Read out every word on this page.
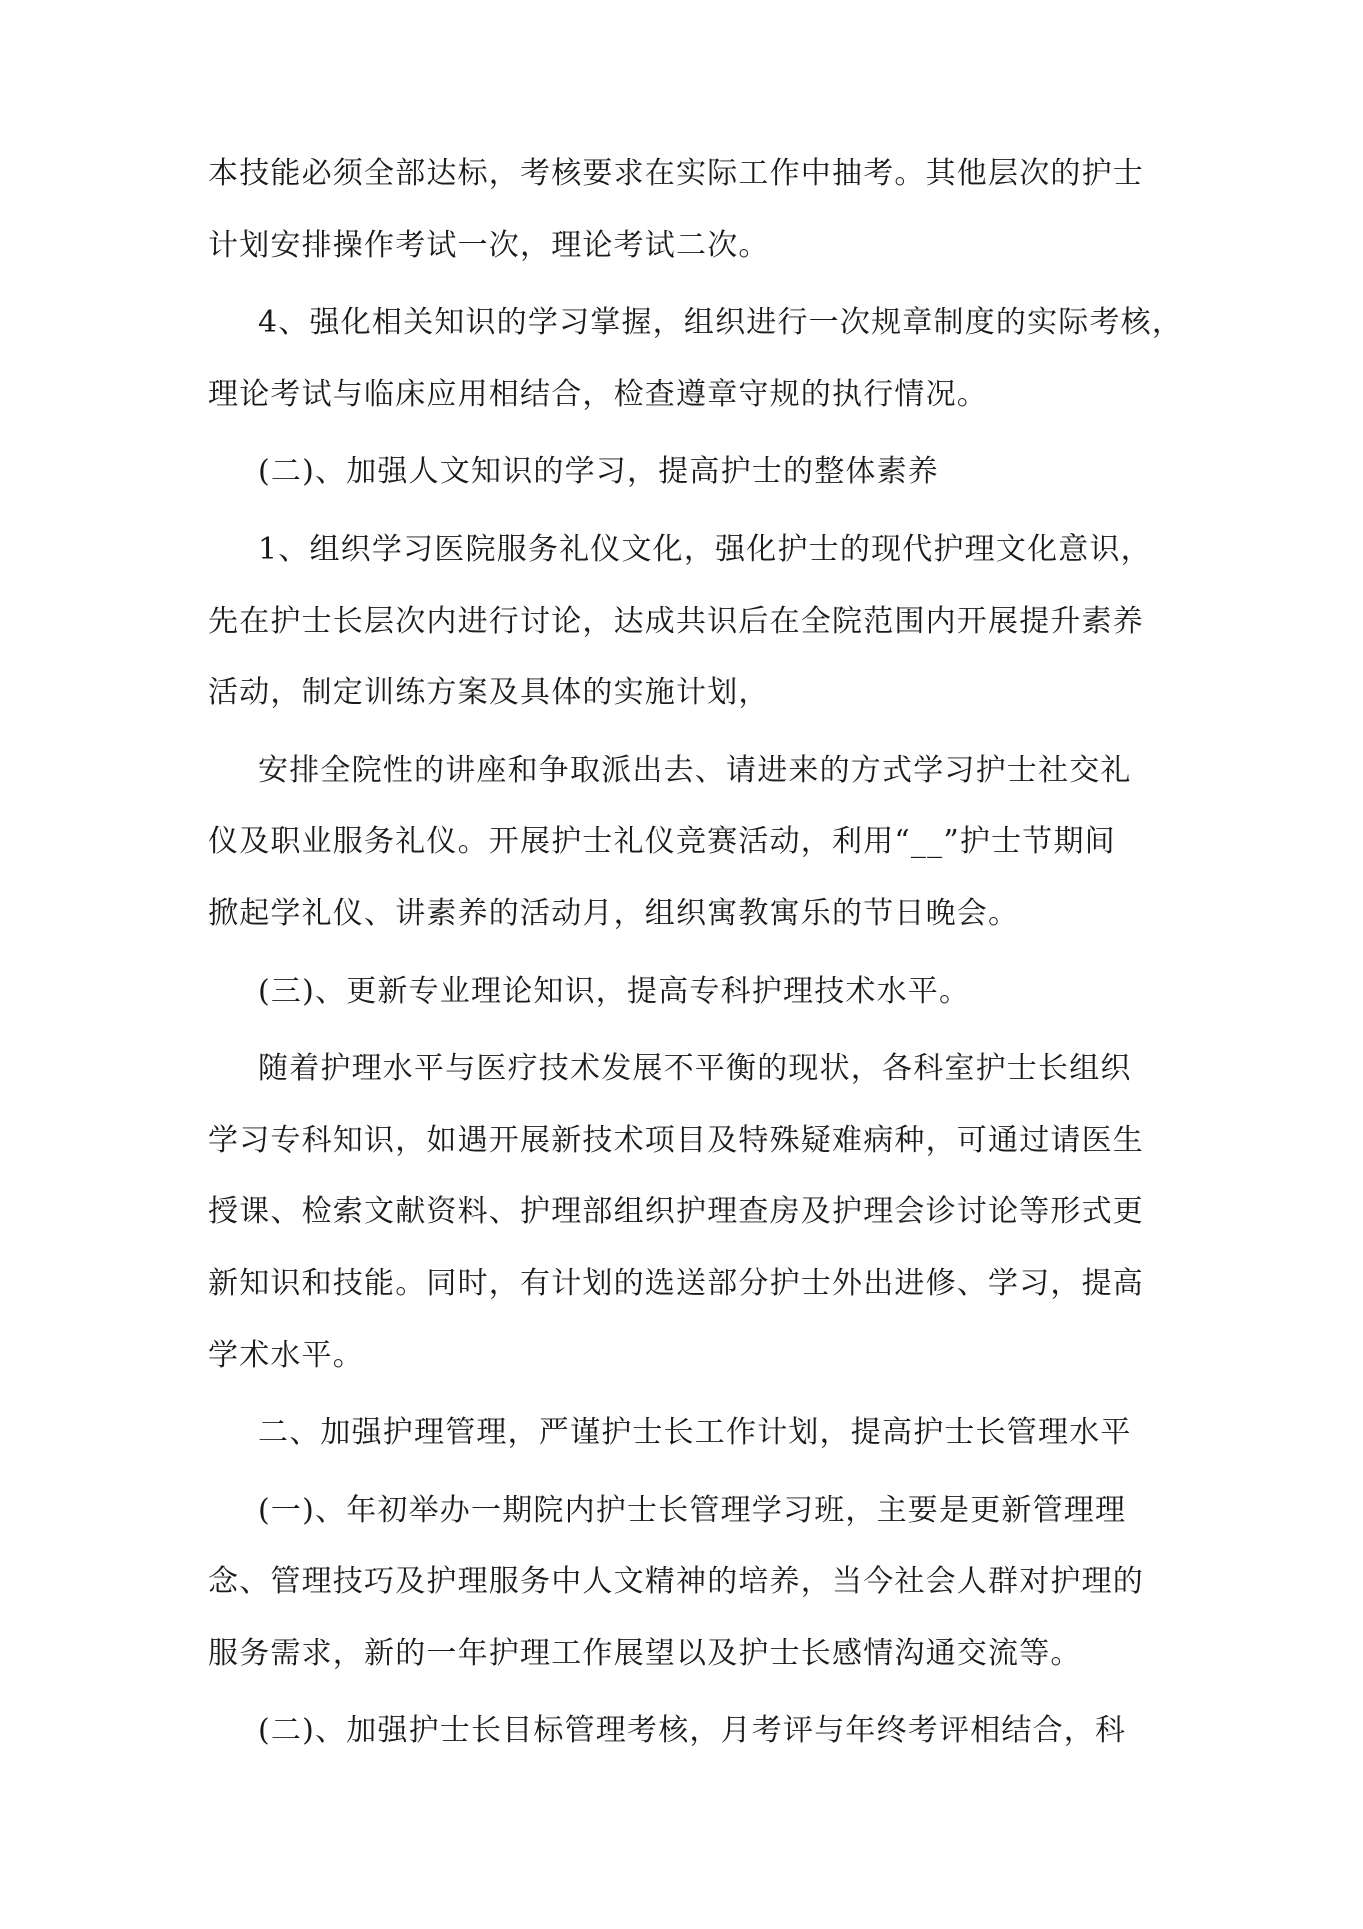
本技能必须全部达标，考核要求在实际工作中抽考。其他层次的护士
计划安排操作考试一次，理论考试二次。
4、强化相关知识的学习掌握，组织进行一次规章制度的实际考核，
理论考试与临床应用相结合，检查遵章守规的执行情况。
(二)、加强人文知识的学习，提高护士的整体素养
1、组织学习医院服务礼仪文化，强化护士的现代护理文化意识，
先在护士长层次内进行讨论，达成共识后在全院范围内开展提升素养
活动，制定训练方案及具体的实施计划，
安排全院性的讲座和争取派出去、请进来的方式学习护士社交礼
仪及职业服务礼仪。开展护士礼仪竞赛活动，利用“__”护士节期间
掀起学礼仪、讲素养的活动月，组织寓教寓乐的节日晚会。
(三)、更新专业理论知识，提高专科护理技术水平。
随着护理水平与医疗技术发展不平衡的现状，各科室护士长组织
学习专科知识，如遇开展新技术项目及特殊疑难病种，可通过请医生
授课、检索文献资料、护理部组织护理查房及护理会诊讨论等形式更
新知识和技能。同时，有计划的选送部分护士外出进修、学习，提高
学术水平。
二、加强护理管理，严谨护士长工作计划，提高护士长管理水平
(一)、年初举办一期院内护士长管理学习班，主要是更新管理理
念、管理技巧及护理服务中人文精神的培养，当今社会人群对护理的
服务需求，新的一年护理工作展望以及护士长感情沟通交流等。
(二)、加强护士长目标管理考核，月考评与年终考评相结合，科
